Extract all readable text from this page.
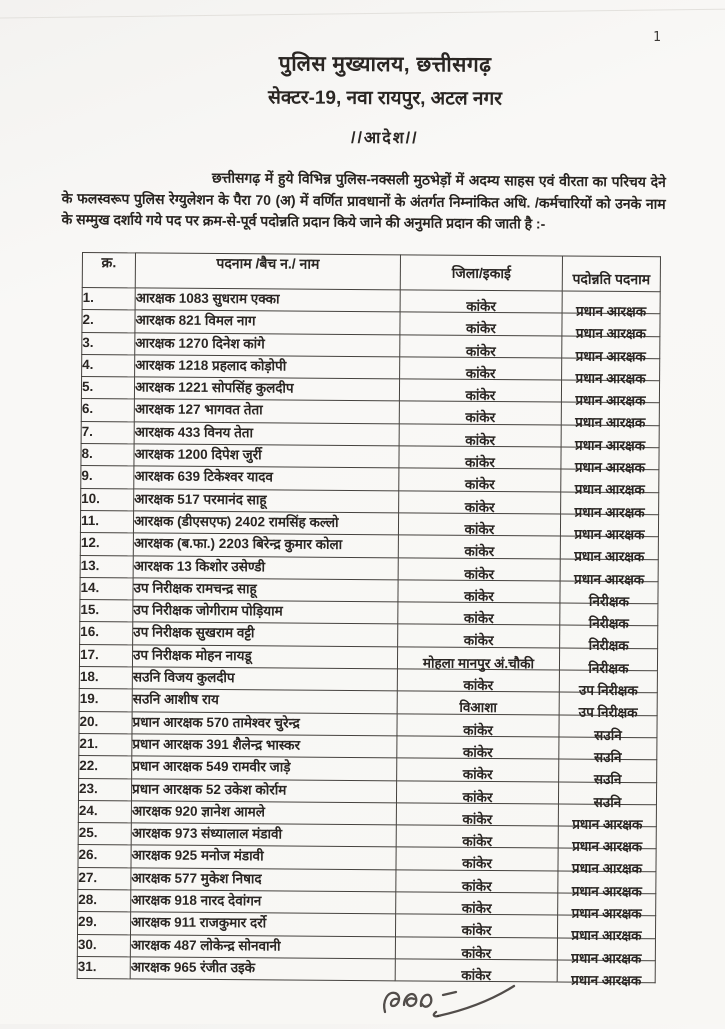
1

पुलिस मुख्यालय, छत्तीसगढ़

सेक्टर-19, नवा रायपुर, अटल नगर

//आदेश//

छत्तीसगढ़ में हुये विभिन्न पुलिस-नक्सली मुठभेड़ों में अदम्य साहस एवं वीरता का परिचय देने के फलस्वरूप पुलिस रेग्युलेशन के पैरा 70 (अ) में वर्णित प्रावधानों के अंतर्गत निम्नांकित अधि. /कर्मचारियों को उनके नाम के सम्मुख दर्शाये गये पद पर क्रम-से-पूर्व पदोन्नति प्रदान किये जाने की अनुमति प्रदान की जाती है :-

क्र.	पदनाम /बैच न./ नाम	जिला/इकाई	पदोन्नति पदनाम
1.	आरक्षक 1083 सुधराम एक्का	कांकेर	प्रधान आरक्षक
2.	आरक्षक 821 विमल नाग	कांकेर	प्रधान आरक्षक
3.	आरक्षक 1270 दिनेश कांगे	कांकेर	प्रधान आरक्षक
4.	आरक्षक 1218 प्रहलाद कोड़ोपी	कांकेर	प्रधान आरक्षक
5.	आरक्षक 1221 सोपसिंह कुलदीप	कांकेर	प्रधान आरक्षक
6.	आरक्षक 127 भागवत तेता	कांकेर	प्रधान आरक्षक
7.	आरक्षक 433 विनय तेता	कांकेर	प्रधान आरक्षक
8.	आरक्षक 1200 दिपेश जुर्री	कांकेर	प्रधान आरक्षक
9.	आरक्षक 639 टिकेश्वर यादव	कांकेर	प्रधान आरक्षक
10.	आरक्षक 517 परमानंद साहू	कांकेर	प्रधान आरक्षक
11.	आरक्षक (डीएसएफ) 2402 रामसिंह कल्लो	कांकेर	प्रधान आरक्षक
12.	आरक्षक (ब.फा.) 2203 बिरेन्द्र कुमार कोला	कांकेर	प्रधान आरक्षक
13.	आरक्षक 13 किशोर उसेण्डी	कांकेर	प्रधान आरक्षक
14.	उप निरीक्षक रामचन्द्र साहू	कांकेर	निरीक्षक
15.	उप निरीक्षक जोगीराम पोड़ियाम	कांकेर	निरीक्षक
16.	उप निरीक्षक सुखराम वट्टी	कांकेर	निरीक्षक
17.	उप निरीक्षक मोहन नायडू	मोहला मानपुर अं.चौकी	निरीक्षक
18.	सउनि विजय कुलदीप	कांकेर	उप निरीक्षक
19.	सउनि आशीष राय	विआशा	उप निरीक्षक
20.	प्रधान आरक्षक 570 तामेश्वर चुरेन्द्र	कांकेर	सउनि
21.	प्रधान आरक्षक 391 शैलेन्द्र भास्कर	कांकेर	सउनि
22.	प्रधान आरक्षक 549 रामवीर जाड़े	कांकेर	सउनि
23.	प्रधान आरक्षक 52 उकेश कोर्राम	कांकेर	सउनि
24.	आरक्षक 920 ज्ञानेश आमले	कांकेर	प्रधान आरक्षक
25.	आरक्षक 973 संध्यालाल मंडावी	कांकेर	प्रधान आरक्षक
26.	आरक्षक 925 मनोज मंडावी	कांकेर	प्रधान आरक्षक
27.	आरक्षक 577 मुकेश निषाद	कांकेर	प्रधान आरक्षक
28.	आरक्षक 918 नारद देवांगन	कांकेर	प्रधान आरक्षक
29.	आरक्षक 911 राजकुमार दर्रो	कांकेर	प्रधान आरक्षक
30.	आरक्षक 487 लोकेन्द्र सोनवानी	कांकेर	प्रधान आरक्षक
31.	आरक्षक 965 रंजीत उइके	कांकेर	प्रधान आरक्षक
